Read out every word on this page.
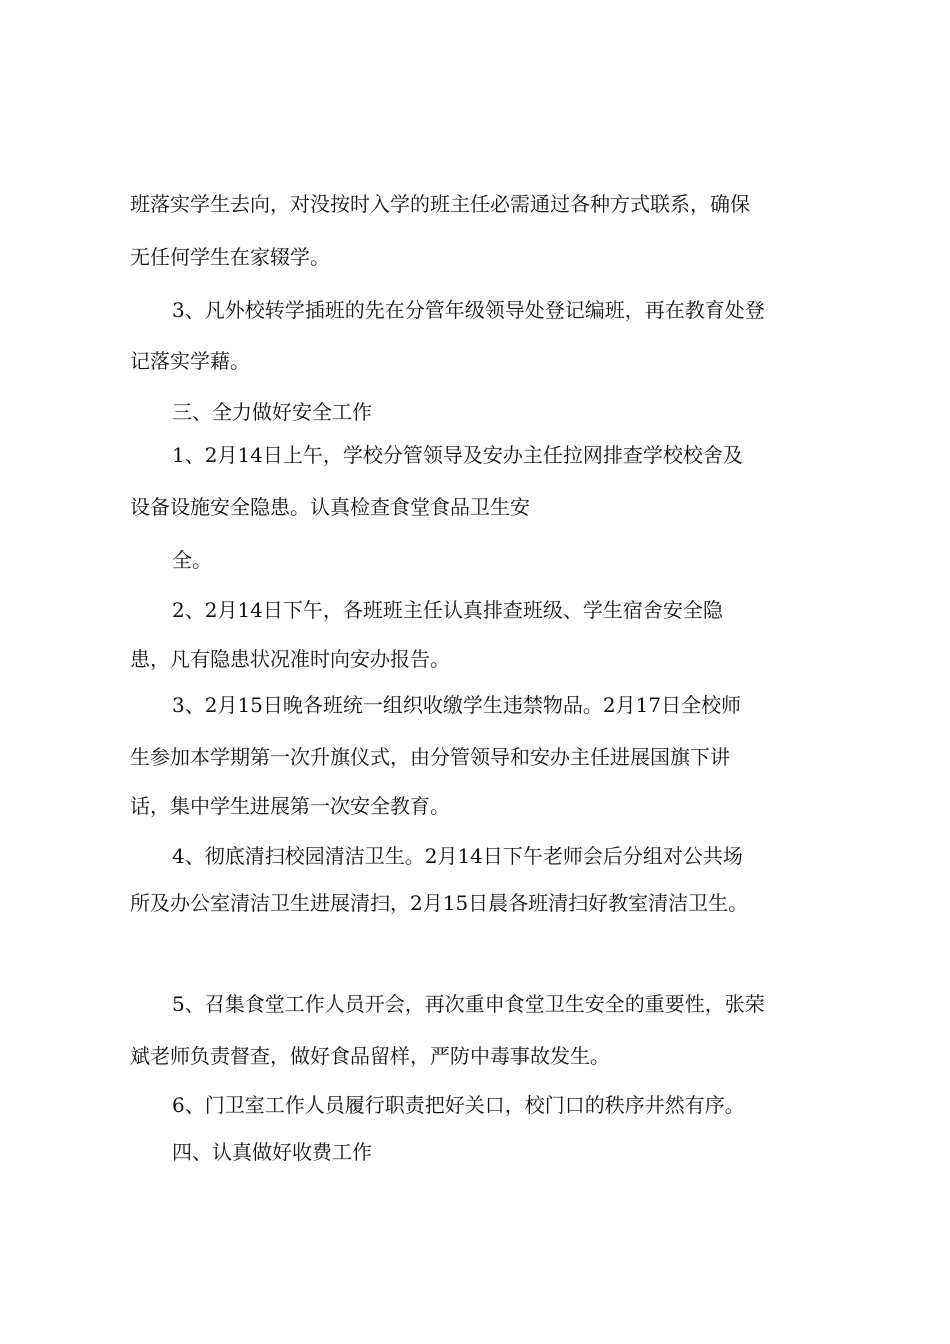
班落实学生去向，对没按时入学的班主任必需通过各种方式联系，确保
无任何学生在家辍学。
3、凡外校转学插班的先在分管年级领导处登记编班，再在教育处登
记落实学藉。
三、全力做好安全工作
1、2月14日上午，学校分管领导及安办主任拉网排查学校校舍及
设备设施安全隐患。认真检查食堂食品卫生安
全。
2、2月14日下午，各班班主任认真排查班级、学生宿舍安全隐
患，凡有隐患状况准时向安办报告。
3、2月15日晚各班统一组织收缴学生违禁物品。2月17日全校师
生参加本学期第一次升旗仪式，由分管领导和安办主任进展国旗下讲
话，集中学生进展第一次安全教育。
4、彻底清扫校园清洁卫生。2月14日下午老师会后分组对公共场
所及办公室清洁卫生进展清扫，2月15日晨各班清扫好教室清洁卫生。
5、召集食堂工作人员开会，再次重申食堂卫生安全的重要性，张荣
斌老师负责督查，做好食品留样，严防中毒事故发生。
6、门卫室工作人员履行职责把好关口，校门口的秩序井然有序。
四、认真做好收费工作
